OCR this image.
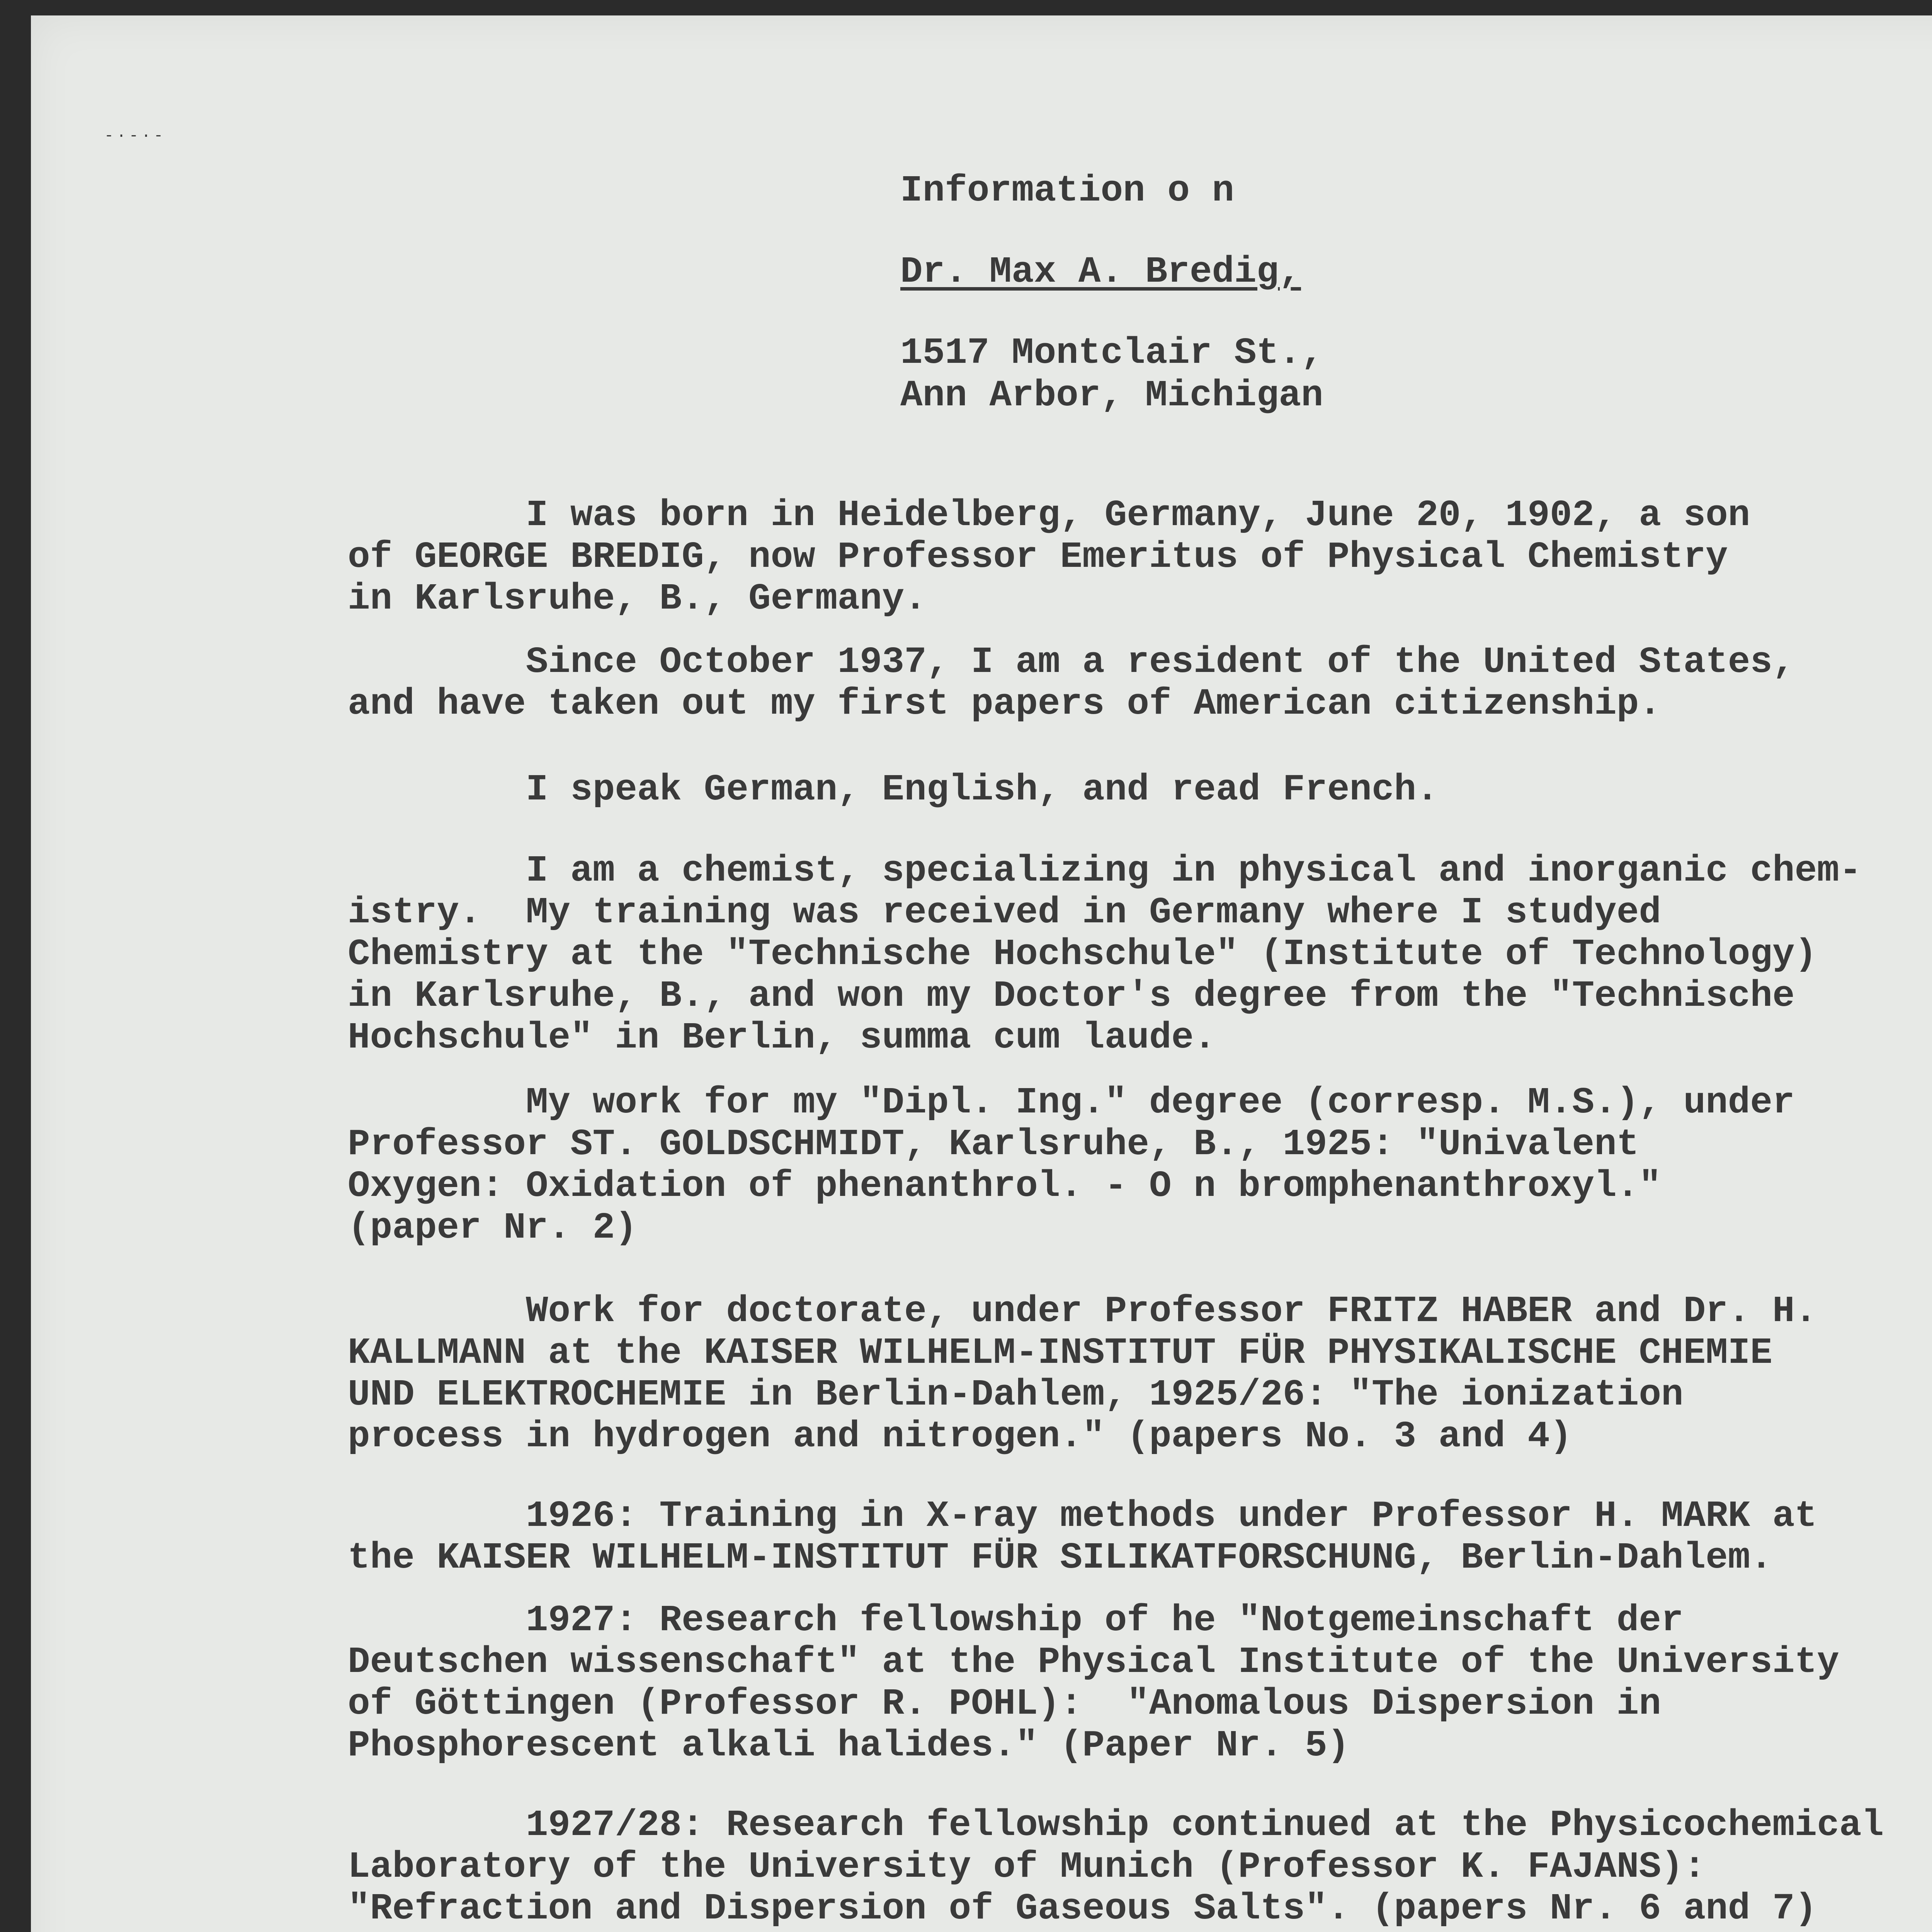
-·-·-

Information o n

Dr. Max A. Bredig,

1517 Montclair St.,

Ann Arbor, Michigan

I was born in Heidelberg, Germany, June 20, 1902, a son
of GEORGE BREDIG, now Professor Emeritus of Physical Chemistry
in Karlsruhe, B., Germany.

Since October 1937, I am a resident of the United States,
and have taken out my first papers of American citizenship.

I speak German, English, and read French.

I am a chemist, specializing in physical and inorganic chem-
istry.  My training was received in Germany where I studyed
Chemistry at the "Technische Hochschule" (Institute of Technology)
in Karlsruhe, B., and won my Doctor's degree from the "Technische
Hochschule" in Berlin, summa cum laude.

My work for my "Dipl. Ing." degree (corresp. M.S.), under
Professor ST. GOLDSCHMIDT, Karlsruhe, B., 1925: "Univalent
Oxygen: Oxidation of phenanthrol. - O n bromphenanthroxyl."
(paper Nr. 2)

Work for doctorate, under Professor FRITZ HABER and Dr. H.
KALLMANN at the KAISER WILHELM-INSTITUT FÜR PHYSIKALISCHE CHEMIE
UND ELEKTROCHEMIE in Berlin-Dahlem, 1925/26: "The ionization
process in hydrogen and nitrogen." (papers No. 3 and 4)

1926: Training in X-ray methods under Professor H. MARK at
the KAISER WILHELM-INSTITUT FÜR SILIKATFORSCHUNG, Berlin-Dahlem.

1927: Research fellowship of he "Notgemeinschaft der
Deutschen wissenschaft" at the Physical Institute of the University
of Göttingen (Professor R. POHL):  "Anomalous Dispersion in
Phosphorescent alkali halides." (Paper Nr. 5)

1927/28: Research fellowship continued at the Physicochemical
Laboratory of the University of Munich (Professor K. FAJANS):
"Refraction and Dispersion of Gaseous Salts". (papers Nr. 6 and 7)
